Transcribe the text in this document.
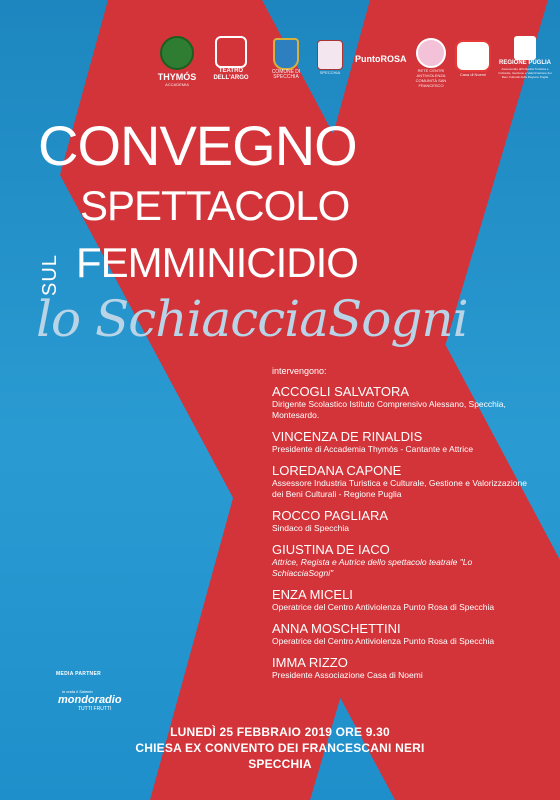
THYMÓS
ACCADEMIA
TEATRO
DELL'ARGO
COMUNE DI
SPECCHIA
SPECCHIA
PuntoROSA
RETE CENTRI ANTIVIOLENZA
COMUNITÀ SAN FRANCESCO
Casa di Noemi
REGIONE PUGLIA
Assessorato all'Industria Turistica e Culturale, Gestione e Valorizzazione dei Beni Culturali della Regione Puglia
CONVEGNO
SPETTACOLO
SUL FEMMINICIDIO
lo SchiacciaSogni
intervengono:
ACCOGLI SALVATORA
Dirigente Scolastico Istituto Comprensivo Alessano, Specchia, Montesardo.
VINCENZA DE RINALDIS
Presidente di Accademia Thymòs - Cantante e Attrice
LOREDANA CAPONE
Assessore Industria Turistica e Culturale, Gestione e Valorizzazione dei Beni Culturali - Regione Puglia
ROCCO PAGLIARA
Sindaco di Specchia
GIUSTINA DE IACO
Attrice, Regista e Autrice dello spettacolo teatrale "Lo SchiacciaSogni"
ENZA MICELI
Operatrice del Centro Antiviolenza Punto Rosa di Specchia
ANNA MOSCHETTINI
Operatrice del Centro Antiviolenza Punto Rosa di Specchia
IMMA RIZZO
Presidente Associazione Casa di Noemi
MEDIA PARTNER
in onda il Salento
mondoradio
TUTTI FRUTTI
LUNEDÌ 25 FEBBRAIO 2019 ORE 9.30
CHIESA EX CONVENTO DEI FRANCESCANI NERI
SPECCHIA
